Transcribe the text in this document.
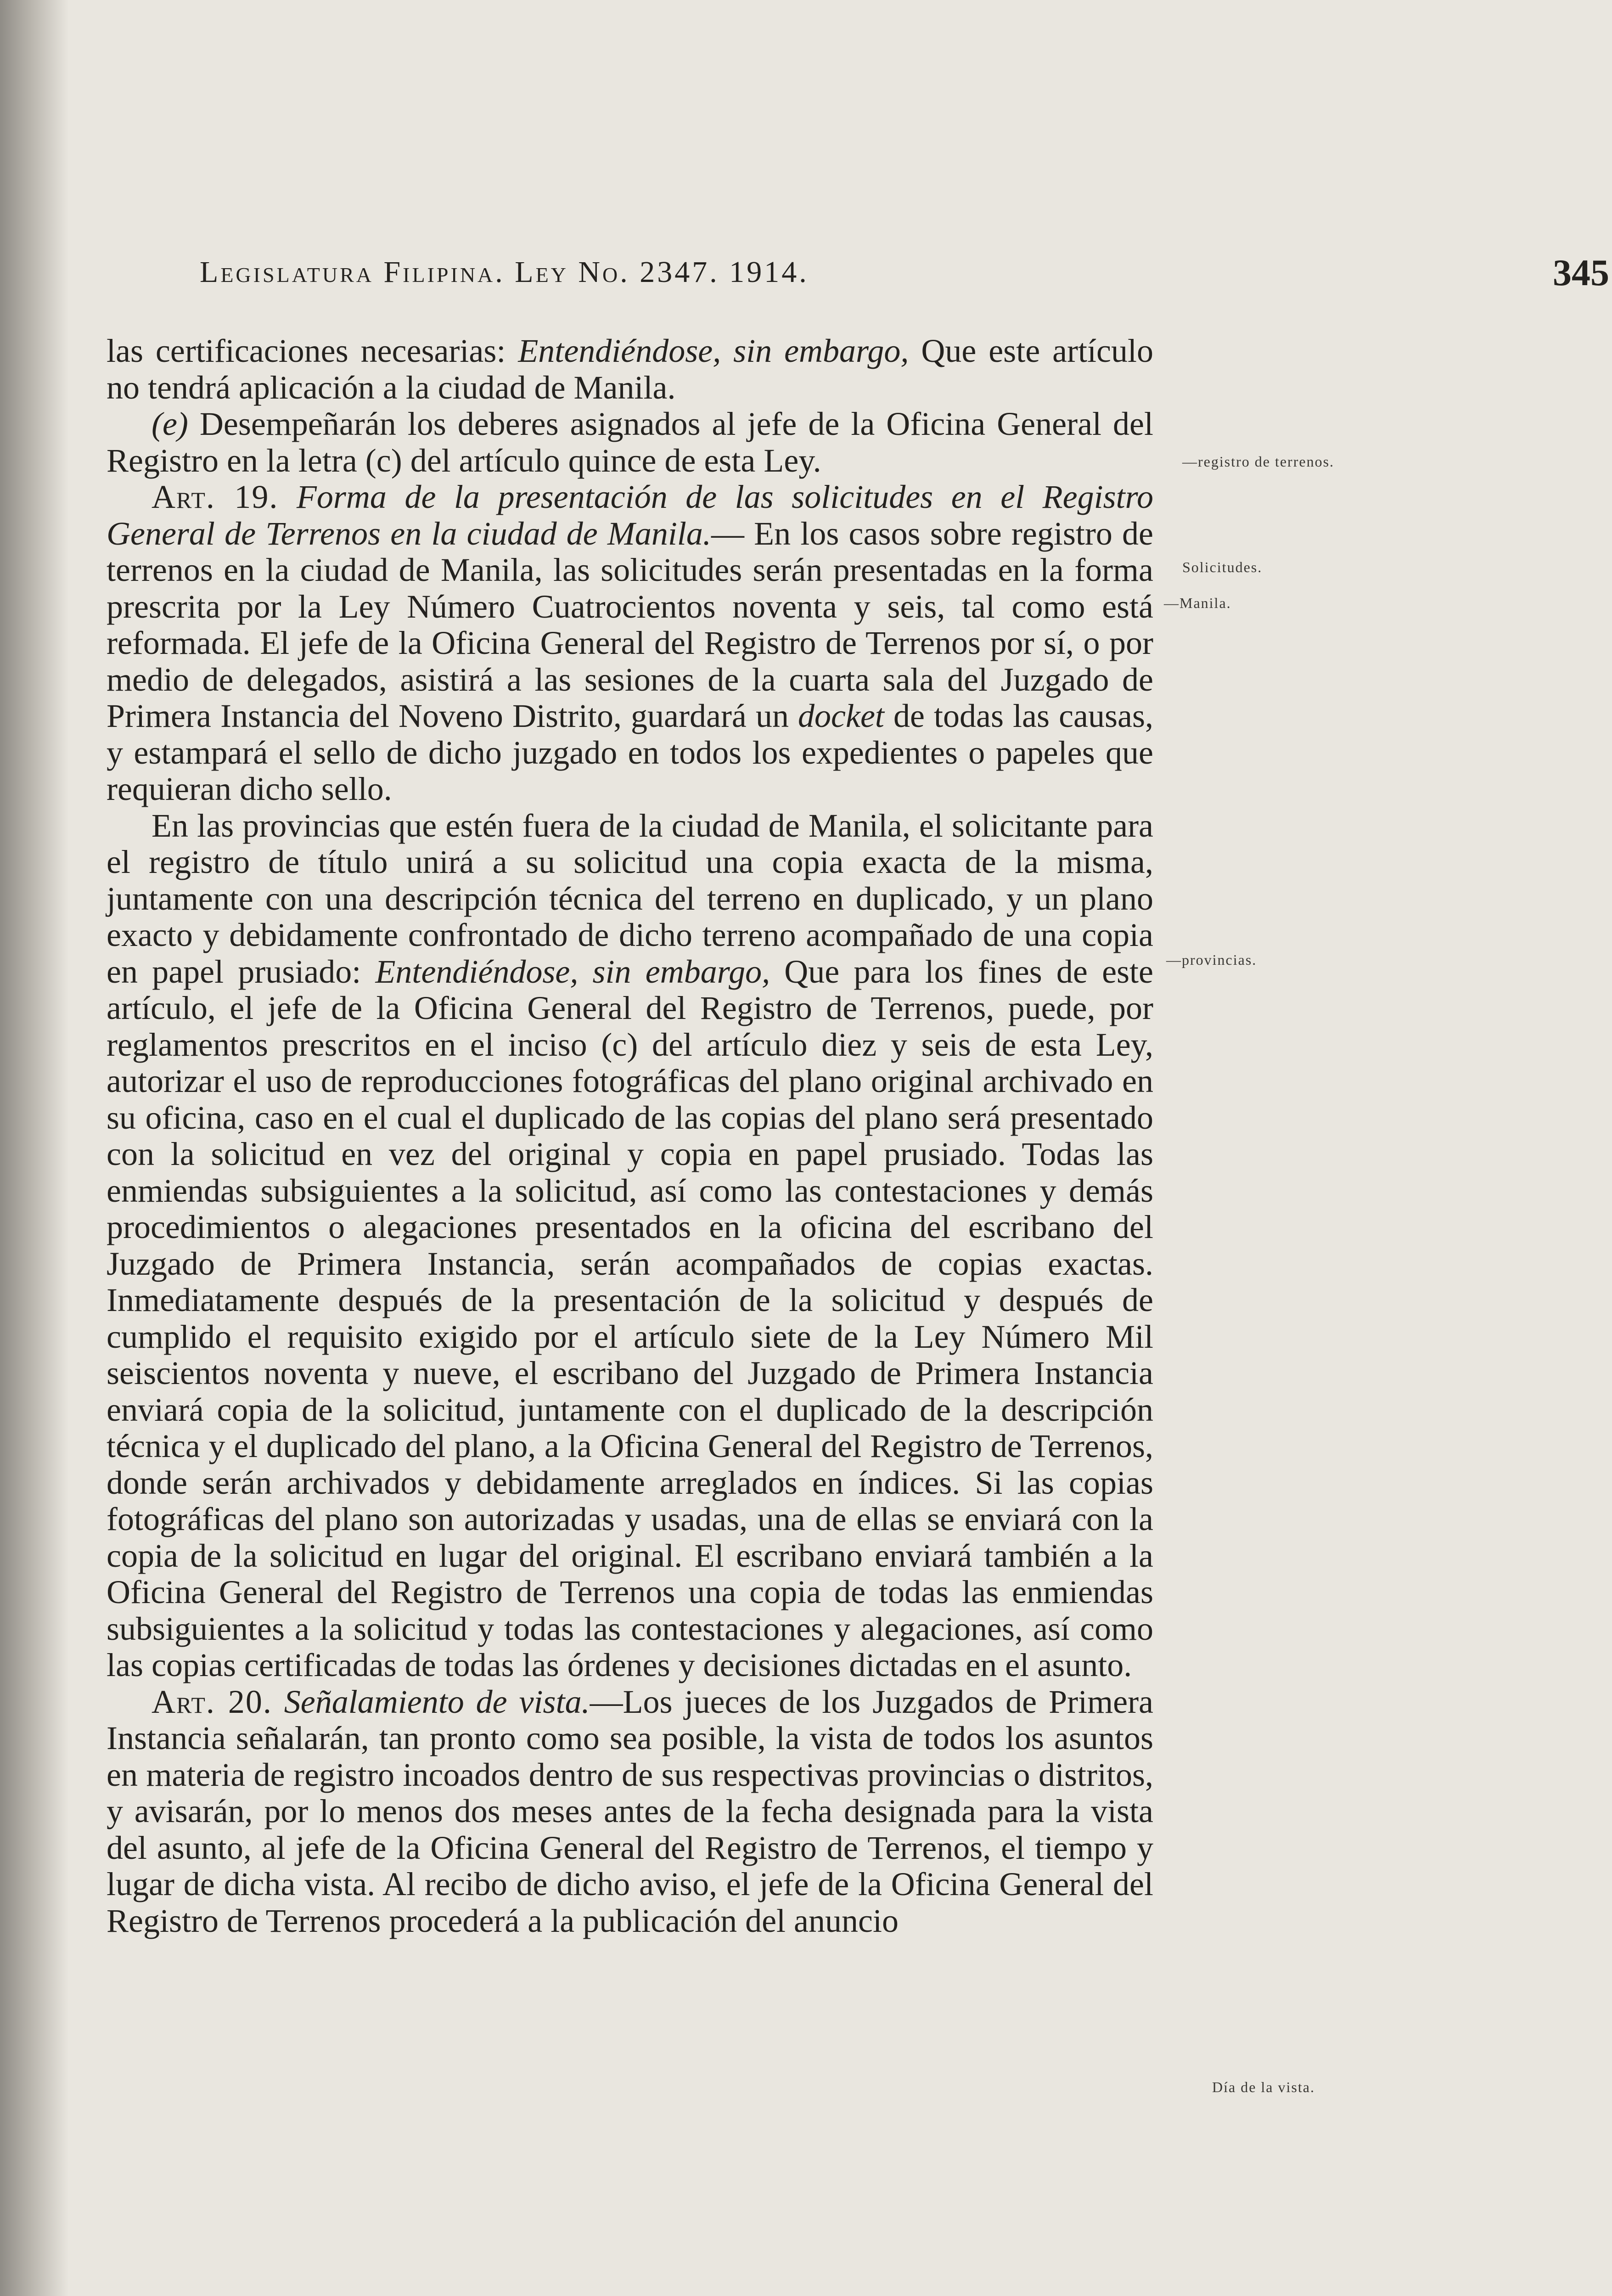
Legislatura Filipina. Ley No. 2347. 1914.	345
—registro de terrenos.
Solicitudes.
—Manila.
—provincias.
Día de la vista.

las certificaciones necesarias: Entendiéndose, sin embargo, Que este artículo no tendrá aplicación a la ciudad de Manila.

(e) Desempeñarán los deberes asignados al jefe de la Oficina General del Registro en la letra (c) del artículo quince de esta Ley.

Art. 19. Forma de la presentación de las solicitudes en el Registro General de Terrenos en la ciudad de Manila.— En los casos sobre registro de terrenos en la ciudad de Manila, las solicitudes serán presentadas en la forma prescrita por la Ley Número Cuatrocientos noventa y seis, tal como está reformada. El jefe de la Oficina General del Registro de Terrenos por sí, o por medio de delegados, asistirá a las sesiones de la cuarta sala del Juzgado de Primera Instancia del Noveno Distrito, guardará un docket de todas las causas, y estampará el sello de dicho juzgado en todos los expedientes o papeles que requieran dicho sello.

En las provincias que estén fuera de la ciudad de Manila, el solicitante para el registro de título unirá a su solicitud una copia exacta de la misma, juntamente con una descripción técnica del terreno en duplicado, y un plano exacto y debidamente confrontado de dicho terreno acompañado de una copia en papel prusiado: Entendiéndose, sin embargo, Que para los fines de este artículo, el jefe de la Oficina General del Registro de Terrenos, puede, por reglamentos prescritos en el inciso (c) del artículo diez y seis de esta Ley, autorizar el uso de reproducciones fotográficas del plano original archivado en su oficina, caso en el cual el duplicado de las copias del plano será presentado con la solicitud en vez del original y copia en papel prusiado. Todas las enmiendas subsiguientes a la solicitud, así como las contestaciones y demás procedimientos o alegaciones presentados en la oficina del escribano del Juzgado de Primera Instancia, serán acompañados de copias exactas. Inmediatamente después de la presentación de la solicitud y después de cumplido el requisito exigido por el artículo siete de la Ley Número Mil seiscientos noventa y nueve, el escribano del Juzgado de Primera Instancia enviará copia de la solicitud, juntamente con el duplicado de la descripción técnica y el duplicado del plano, a la Oficina General del Registro de Terrenos, donde serán archivados y debidamente arreglados en índices. Si las copias fotográficas del plano son autorizadas y usadas, una de ellas se enviará con la copia de la solicitud en lugar del original. El escribano enviará también a la Oficina General del Registro de Terrenos una copia de todas las enmiendas subsiguientes a la solicitud y todas las contestaciones y alegaciones, así como las copias certificadas de todas las órdenes y decisiones dictadas en el asunto.

Art. 20. Señalamiento de vista.—Los jueces de los Juzgados de Primera Instancia señalarán, tan pronto como sea posible, la vista de todos los asuntos en materia de registro incoados dentro de sus respectivas provincias o distritos, y avisarán, por lo menos dos meses antes de la fecha designada para la vista del asunto, al jefe de la Oficina General del Registro de Terrenos, el tiempo y lugar de dicha vista. Al recibo de dicho aviso, el jefe de la Oficina General del Registro de Terrenos procederá a la publicación del anuncio
